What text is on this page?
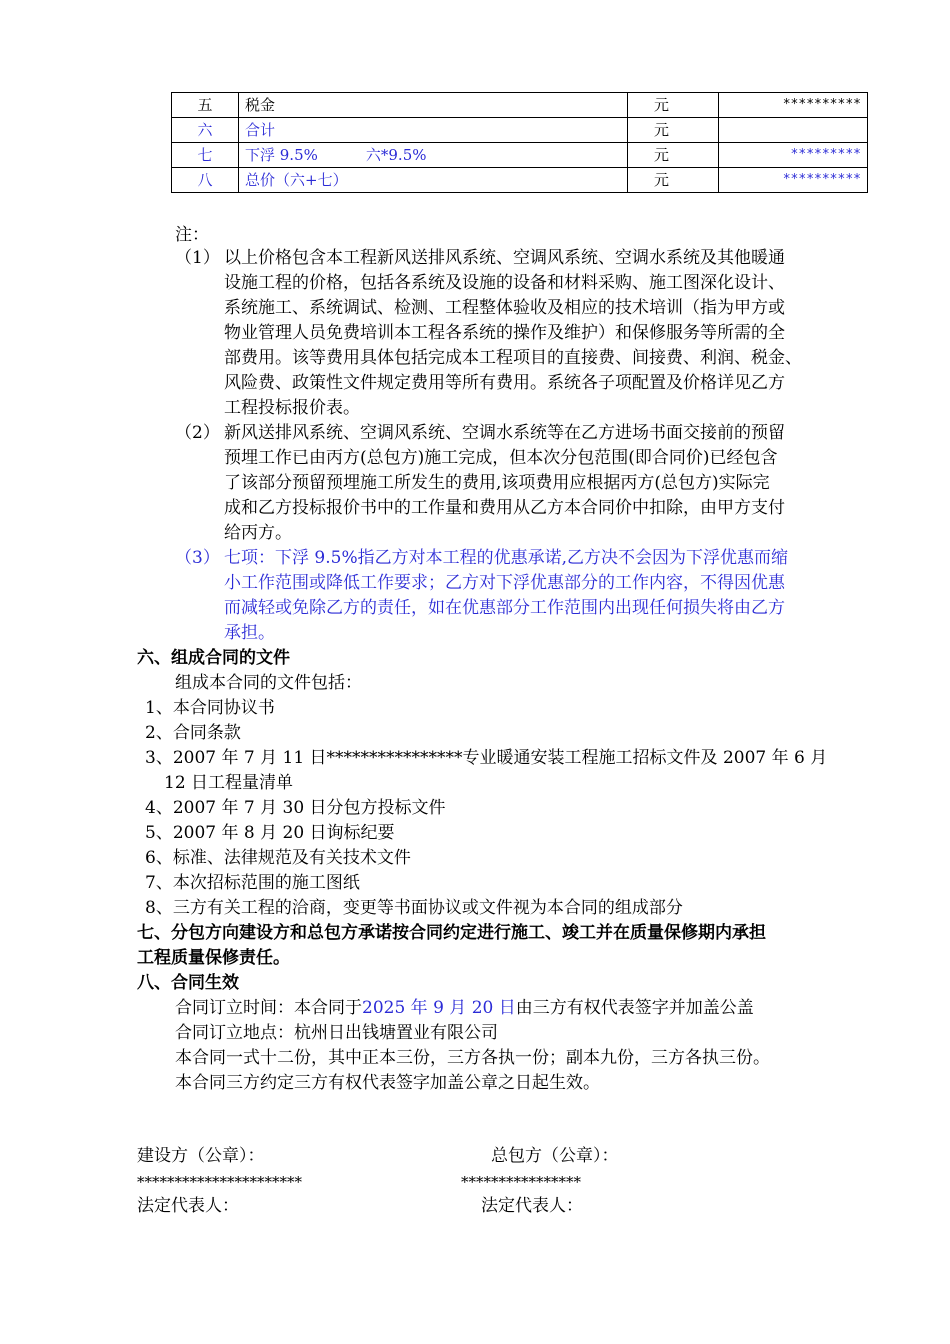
五	税金	元	**********
六	合计	元	
七	下浮 9.5% 六*9.5%	元	*********
八	总价（六+七）	元	**********
注：
（1） 以上价格包含本工程新风送排风系统、空调风系统、空调水系统及其他暖通
设施工程的价格，包括各系统及设施的设备和材料采购、施工图深化设计、
系统施工、系统调试、检测、工程整体验收及相应的技术培训（指为甲方或
物业管理人员免费培训本工程各系统的操作及维护）和保修服务等所需的全
部费用。该等费用具体包括完成本工程项目的直接费、间接费、利润、税金、
风险费、政策性文件规定费用等所有费用。系统各子项配置及价格详见乙方
工程投标报价表。
（2） 新风送排风系统、空调风系统、空调水系统等在乙方进场书面交接前的预留
预埋工作已由丙方(总包方)施工完成，但本次分包范围(即合同价)已经包含
了该部分预留预埋施工所发生的费用,该项费用应根据丙方(总包方)实际完
成和乙方投标报价书中的工作量和费用从乙方本合同价中扣除，由甲方支付
给丙方。
（3） 七项：下浮 9.5%指乙方对本工程的优惠承诺,乙方决不会因为下浮优惠而缩
小工作范围或降低工作要求；乙方对下浮优惠部分的工作内容，不得因优惠
而减轻或免除乙方的责任，如在优惠部分工作范围内出现任何损失将由乙方
承担。
六、组成合同的文件
组成本合同的文件包括：
1、本合同协议书
2、合同条款
3、2007 年 7 月 11 日****************专业暖通安装工程施工招标文件及 2007 年 6 月
12 日工程量清单
4、2007 年 7 月 30 日分包方投标文件
5、2007 年 8 月 20 日询标纪要
6、标准、法律规范及有关技术文件
7、本次招标范围的施工图纸
8、三方有关工程的洽商，变更等书面协议或文件视为本合同的组成部分
七、分包方向建设方和总包方承诺按合同约定进行施工、竣工并在质量保修期内承担
工程质量保修责任。
八、合同生效
合同订立时间：本合同于2025 年 9 月 20 日由三方有权代表签字并加盖公盖
合同订立地点：杭州日出钱塘置业有限公司
本合同一式十二份，其中正本三份，三方各执一份；副本九份，三方各执三份。
本合同三方约定三方有权代表签字加盖公章之日起生效。
建设方（公章）：
**********************
法定代表人：
总包方（公章）：
****************
法定代表人：
